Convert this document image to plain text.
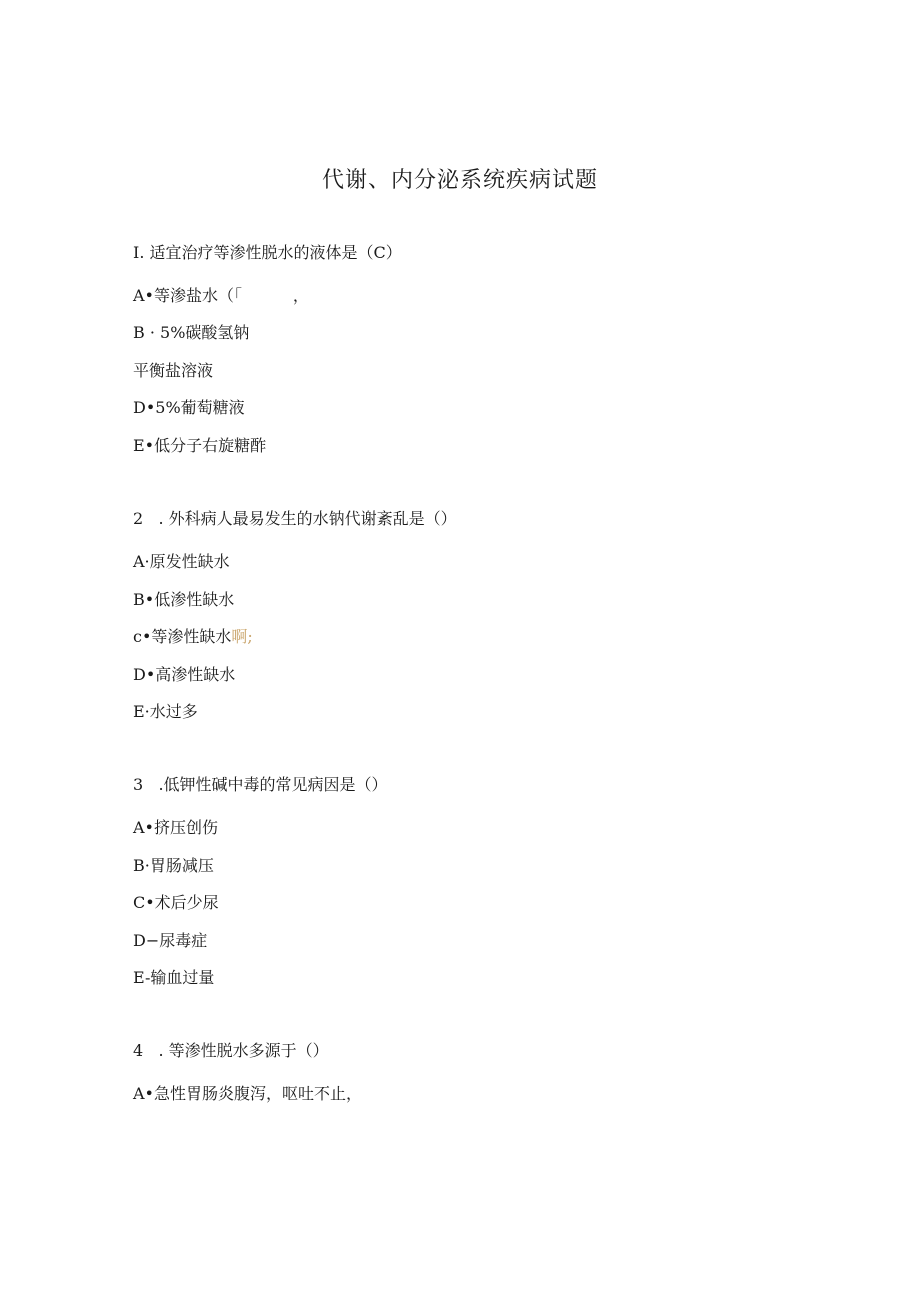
代谢、内分泌系统疾病试题
I. 适宜治疗等渗性脱水的液体是（C）
A•等渗盐水（「          ，
B · 5%碳酸氢钠
平衡盐溶液
D•5%葡萄糖液
E•低分子右旋糖酢
2   . 外科病人最易发生的水钠代谢紊乱是（）
A·原发性缺水
B•低渗性缺水
c•等渗性缺水啊;
D•高渗性缺水
E·水过多
3   .低钾性碱中毒的常见病因是（）
A•挤压创伤
B·胃肠减压
C•术后少尿
D−尿毒症
E-输血过量
4   . 等渗性脱水多源于（）
A•急性胃肠炎腹泻，呕吐不止，
